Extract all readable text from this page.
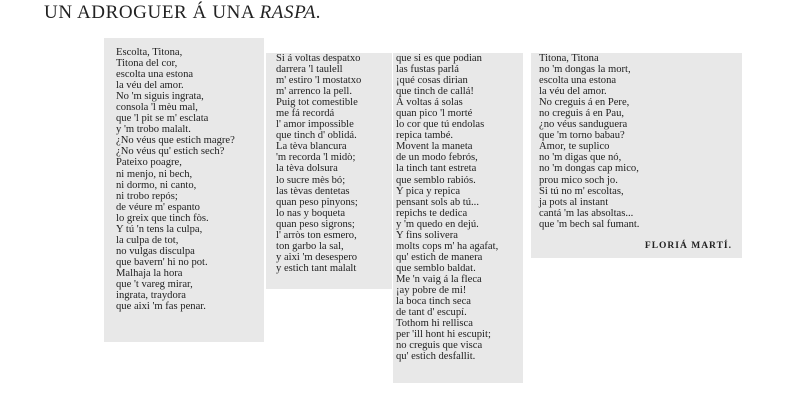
UN ADROGUER Á UNA RASPA.
Escolta, Titona,
Titona del cor,
escolta una estona
la véu del amor.
No 'm siguis ingrata,
consola 'l mèu mal,
que 'l pit se m' esclata
y 'm trobo malalt.
¿No véus que estich magre?
¿No véus qu' estich sech?
Pateixo poagre,
ni menjo, ni bech,
ni dormo, ni canto,
ni trobo repós;
de véure m' espanto
lo greix que tinch fòs.
Y tú 'n tens la culpa,
la culpa de tot,
no vulgas disculpa
que bavern' hi no pot.
Malhaja la hora
que 't vareg mirar,
ingrata, traydora
que aixi 'm fas penar.
Si á voltas despatxo
darrera 'l taulell
m' estiro 'l mostatxo
m' arrenco la pell.
Puig tot comestible
me fá recordá
l' amor impossible
que tinch d' oblidá.
La tèva blancura
'm recorda 'l midò;
la tèva dolsura
lo sucre mès bó;
las tèvas dentetas
quan peso pinyons;
lo nas y boqueta
quan peso sigrons;
l' arròs ton esmero,
ton garbo la sal,
y aixi 'm desespero
y estich tant malalt
que si es que podian
las fustas parlá
¡qué cosas dirian
que tinch de callá!
Á voltas á solas
quan pico 'l morté
lo cor que tú endolas
repica també.
Movent la maneta
de un modo febrós,
la tinch tant estreta
que semblo rabiós.
Y pica y repica
pensant sols ab tú...
repichs te dedica
y 'm quedo en dejú.
Y fins solivera
molts cops m' ha agafat,
qu' estich de manera
que semblo baldat.
Me 'n vaig á la fleca
¡ay pobre de mi!
la boca tinch seca
de tant d' escupí.
Tothom hi rellisca
per 'ill hont hi escupit;
no creguis que visca
qu' estich desfallit.
Titona, Titona
no 'm dongas la mort,
escolta una estona
la véu del amor.
No creguis á en Pere,
no creguis á en Pau,
¿no véus sanduguera
que 'm torno babau?
Amor, te suplico
no 'm digas que nó,
no 'm dongas cap mico,
prou mico soch jo.
Si tú no m' escoltas,
ja pots al instant
cantá 'm las absoltas...
que 'm bech sal fumant.
FLORIÁ MARTÍ.
